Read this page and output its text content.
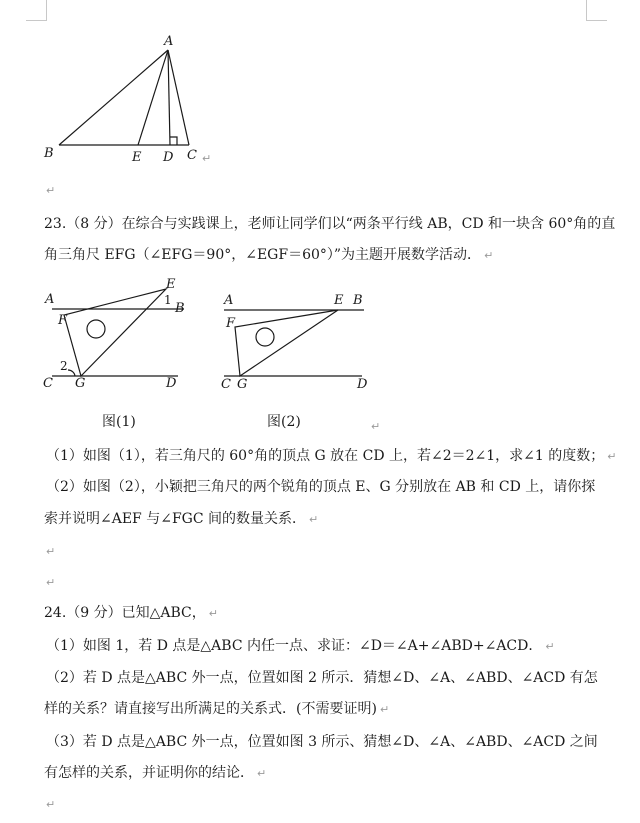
A
B	E D C ↵
↵
23.（8 分）在综合与实践课上，老师让同学们以“两条平行线 AB，CD 和一块含 60°角的直
角三角尺 EFG（∠EFG＝90°，∠EGF＝60°）”为主题开展数学活动． ↵
A
B
E
1
F
2
C G	D
图(1)
A	E B
F
C G	D
图(2)	↵
（1）如图（1），若三角尺的 60°角的顶点 G 放在 CD 上，若∠2＝2∠1，求∠1 的度数； ↵
（2）如图（2），小颖把三角尺的两个锐角的顶点 E、G 分别放在 AB 和 CD 上，请你探
索并说明∠AEF 与∠FGC 间的数量关系． ↵
↵
↵
24.（9 分）已知△ABC， ↵
（1）如图 1，若 D 点是△ABC 内任一点、求证：∠D＝∠A+∠ABD+∠ACD． ↵
（2）若 D 点是△ABC 外一点，位置如图 2 所示．猜想∠D、∠A、∠ABD、∠ACD 有怎
样的关系？请直接写出所满足的关系式．(不需要证明) ↵
（3）若 D 点是△ABC 外一点，位置如图 3 所示、猜想∠D、∠A、∠ABD、∠ACD 之间
有怎样的关系，并证明你的结论． ↵
↵
